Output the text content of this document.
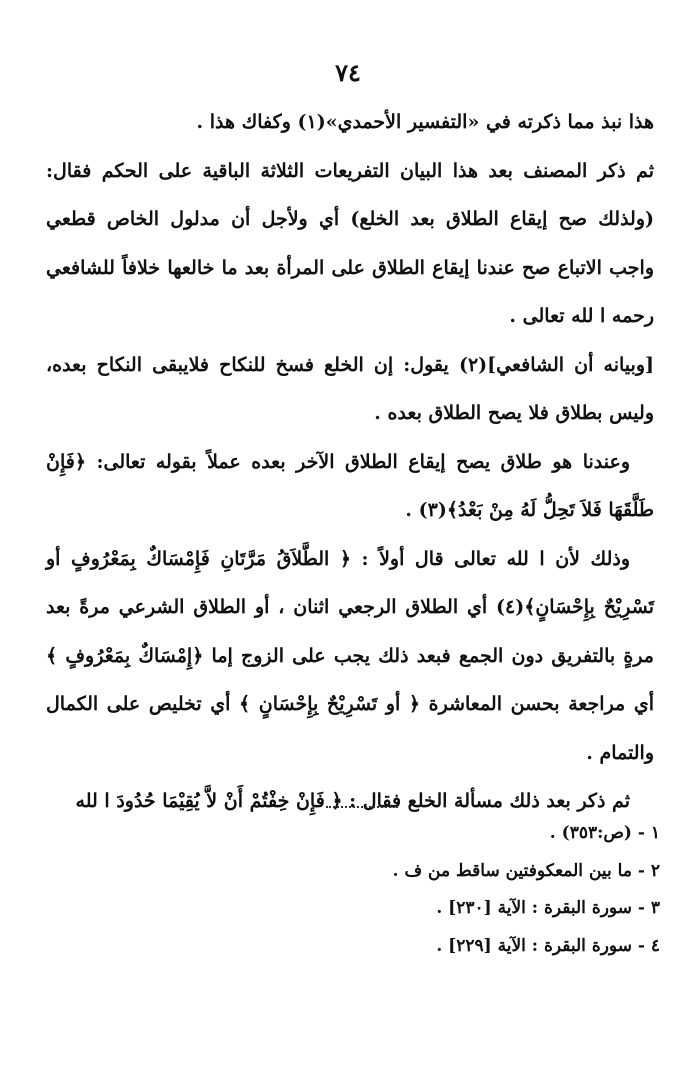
٧٤

هذا نبذ مما ذكرته في «التفسير الأحمدي»(١) وكفاك هذا .

ثم ذكر المصنف بعد هذا البيان التفريعات الثلاثة الباقية على الحكم فقال: (ولذلك صح إيقاع الطلاق بعد الخلع) أي ولأجل أن مدلول الخاص قطعي واجب الاتباع صح عندنا إيقاع الطلاق على المرأة بعد ما خالعها خلافاً للشافعي رحمه ا لله تعالى .

[وبيانه أن الشافعي](٢) يقول: إن الخلع فسخ للنكاح فلايبقى النكاح بعده، وليس بطلاق فلا يصح الطلاق بعده .

وعندنا هو طلاق يصح إيقاع الطلاق الآخر بعده عملاً بقوله تعالى: ﴿فَإِنْ طَلَّقَهَا فَلاَ تَحِلُّ لَهُ مِنْ بَعْدُ﴾(٣) .

وذلك لأن ا لله تعالى قال أولاً : ﴿ الطَّلاَقُ مَرَّتَانِ فَإِمْسَاكٌ بِمَعْرُوفٍ أو تَسْرِيْحٌ بِإِحْسَانٍ﴾(٤) أي الطلاق الرجعي اثنان ، أو الطلاق الشرعي مرةً بعد مرةٍ بالتفريق دون الجمع فبعد ذلك يجب على الزوج إما ﴿إِمْسَاكٌ بِمَعْرُوفٍ ﴾ أي مراجعة بحسن المعاشرة ﴿ أو تَسْرِيْحٌ بِإِحْسَانٍ ﴾ أي تخليص على الكمال والتمام .

ثم ذكر بعد ذلك مسألة الخلع فقال : ﴿ فَإِنْ خِفْتُمْ أَنْ لاَّ يُقِيْمَا حُدُودَ ا لله

١ - (ص:٣٥٣) .

٢ - ما بين المعكوفتين ساقط من ف .

٣ - سورة البقرة : الآية [٢٣٠] .

٤ - سورة البقرة : الآية [٢٢٩] .
